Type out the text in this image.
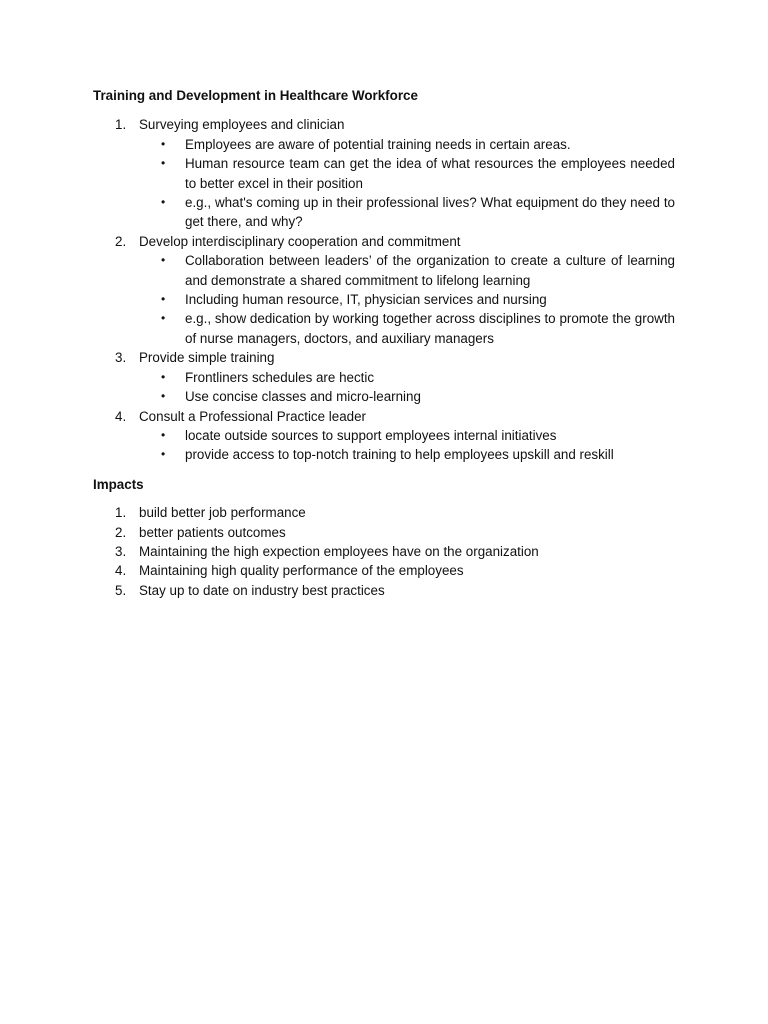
Training and Development in Healthcare Workforce
1. Surveying employees and clinician
• Employees are aware of potential training needs in certain areas.
• Human resource team can get the idea of what resources the employees needed to better excel in their position
• e.g., what's coming up in their professional lives? What equipment do they need to get there, and why?
2. Develop interdisciplinary cooperation and commitment
• Collaboration between leaders’ of the organization to create a culture of learning and demonstrate a shared commitment to lifelong learning
• Including human resource, IT, physician services and nursing
• e.g., show dedication by working together across disciplines to promote the growth of nurse managers, doctors, and auxiliary managers
3. Provide simple training
• Frontliners schedules are hectic
• Use concise classes and micro-learning
4. Consult a Professional Practice leader
• locate outside sources to support employees internal initiatives
• provide access to top-notch training to help employees upskill and reskill
Impacts
1. build better job performance
2. better patients outcomes
3. Maintaining the high expection employees have on the organization
4. Maintaining high quality performance of the employees
5. Stay up to date on industry best practices
